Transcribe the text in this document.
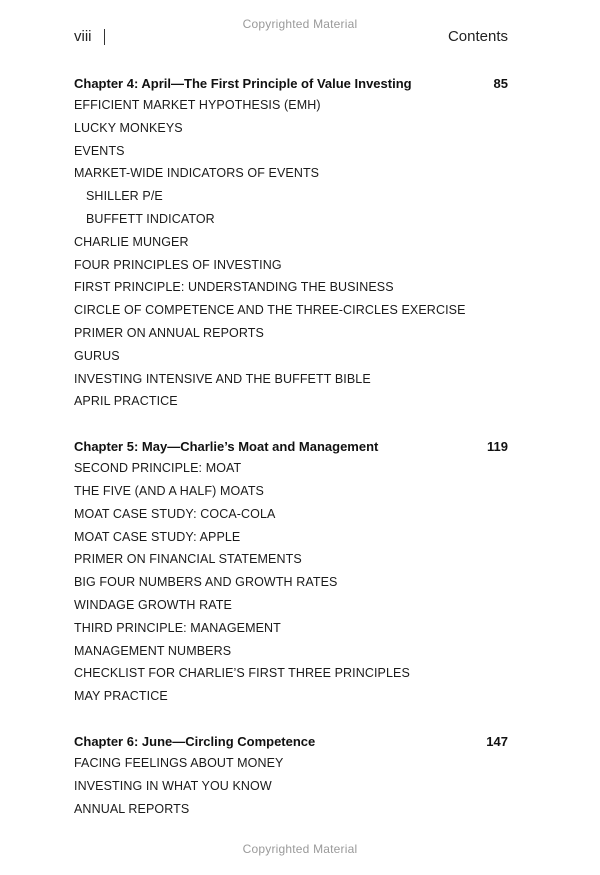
Copyrighted Material
viii	Contents
Chapter 4: April—The First Principle of Value Investing	85
EFFICIENT MARKET HYPOTHESIS (EMH)
LUCKY MONKEYS
EVENTS
MARKET-WIDE INDICATORS OF EVENTS
SHILLER P/E
BUFFETT INDICATOR
CHARLIE MUNGER
FOUR PRINCIPLES OF INVESTING
FIRST PRINCIPLE: UNDERSTANDING THE BUSINESS
CIRCLE OF COMPETENCE AND THE THREE-CIRCLES EXERCISE
PRIMER ON ANNUAL REPORTS
GURUS
INVESTING INTENSIVE AND THE BUFFETT BIBLE
APRIL PRACTICE
Chapter 5: May—Charlie’s Moat and Management	119
SECOND PRINCIPLE: MOAT
THE FIVE (AND A HALF) MOATS
MOAT CASE STUDY: COCA-COLA
MOAT CASE STUDY: APPLE
PRIMER ON FINANCIAL STATEMENTS
BIG FOUR NUMBERS AND GROWTH RATES
WINDAGE GROWTH RATE
THIRD PRINCIPLE: MANAGEMENT
MANAGEMENT NUMBERS
CHECKLIST FOR CHARLIE’S FIRST THREE PRINCIPLES
MAY PRACTICE
Chapter 6: June—Circling Competence	147
FACING FEELINGS ABOUT MONEY
INVESTING IN WHAT YOU KNOW
ANNUAL REPORTS
Copyrighted Material
